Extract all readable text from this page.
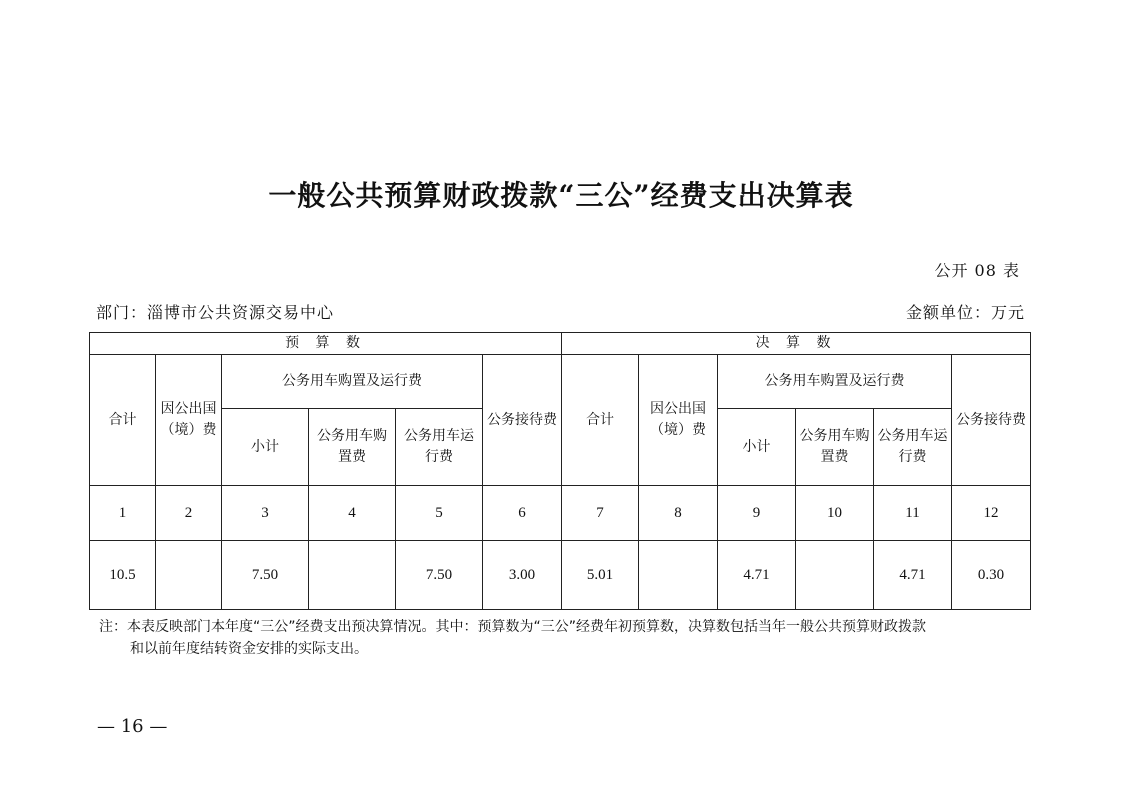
一般公共预算财政拨款“三公”经费支出决算表
公开 08 表
部门：淄博市公共资源交易中心	金额单位：万元
预 算 数						决 算 数					
合计	因公出国（境）费	公务用车购置及运行费			公务接待费	合计	因公出国（境）费	公务用车购置及运行费			公务接待费
		小计	公务用车购置费	公务用车运行费				小计	公务用车购置费	公务用车运行费	
1	2	3	4	5	6	7	8	9	10	11	12
10.5		7.50		7.50	3.00	5.01		4.71		4.71	0.30
注：本表反映部门本年度“三公”经费支出预决算情况。其中：预算数为“三公”经费年初预算数，决算数包括当年一般公共预算财政拨款
和以前年度结转资金安排的实际支出。
— 16 —
